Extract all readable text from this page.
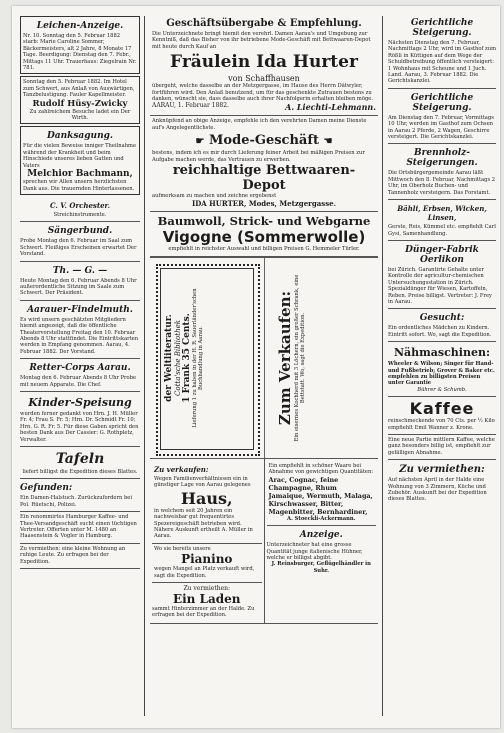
Leichen-Anzeige.

Nr. 10. Sonntag den 5. Februar 1882 starb: Marie Caroline Sommer, Bäckermeisters, alt 2 Jahre, 8 Monate 17 Tage. Beerdigung: Dienstag den 7. Febr., Mittags 11 Uhr. Trauerhaus: Ziegelrain Nr. 781.

Sonntag den 5. Februar 1882. Im Hotel zum Schwert, aus Anlaß von Auswärtigen, Tanzbelustigung. Fauler Kapellmeister.

Rudolf Hüsy-Zwicky

Zu zahlreichem Besuche ladet ein Der Wirth.

Danksagung.

Für die vielen Beweise inniger Theilnahme während der Krankheit und beim Hinschiede unseres lieben Gatten und Vaters

Melchior Bachmann,

sprechen wir Allen unsern herzlichsten Dank aus. Die trauernden Hinterlassenen.

C. V. Orchester.

Streichinstrumente.

Sängerbund.

Probe Montag den 6. Februar im Saal zum Schwert. Fleißiges Erscheinen erwartet Der Vorstand.

Th. — G. —

Heute Montag den 6. Februar Abends 8 Uhr außerordentliche Sitzung im Saale zum Schwert. Der Präsident.

Aarauer-Findelmuth.

Es wird unsern geschätzten Mitgliedern hiemit angezeigt, daß die öffentliche Theatervorstellung Freitag den 10. Februar Abends 8 Uhr stattfindet. Die Eintrittskarten werden in Empfang genommen. Aarau, 4. Februar 1882. Der Vorstand.

Retter-Corps Aarau.

Montag den 6. Februar Abends 8 Uhr Probe mit neuem Apparate. Die Chef.

Kinder-Speisung

wurden ferner gedankt von Hrn. J. H. Müller Fr. 4; Frau S. Fr. 5; Hrn. Dr. Schmidt Fr. 10; Hrn. G. R. Fr. 5. Für diese Gaben spricht den besten Dank aus Der Cassier: G. Rothpletz, Verwalter.

Tafeln

liefert billigst die Expedition dieses Blattes.

Gefunden:

Ein Damen-Halstuch. Zurückzufordern bei Pol. Rüetschi, Polizei.

Ein renommirtes Hamburger Kaffee- und Thee-Versandgeschäft sucht einen tüchtigen Vertreter. Offerten unter M. 1480 an Haasenstein & Vogler in Hamburg.

Zu vermiethen: eine kleine Wohnung an ruhige Leute. Zu erfragen bei der Expedition.

Geschäftsübergabe & Empfehlung.

Die Unterzeichnete bringt hiemit den verehrl. Damen Aarau's und Umgebung zur Kenntniß, daß das Bisher von ihr betriebene Mode-Geschäft mit Bettwaaren-Depot mit heute durch Kauf an

Fräulein Ida Hurter
von Schaffhausen

übergeht, welche dasselbe an der Metzgergasse, im Hause des Herrn Dätwyler, fortführen wird. Den Anlaß benutzend, um für das geschenkte Zutrauen bestens zu danken, wünscht sie, dass dasselbe auch ihrer Nachfolgerin erhalten bleiben möge.

AARAU, 1. Februar 1882.	A. Liechti-Lehmann.

Anknüpfend an obige Anzeige, empfehle ich den verehrten Damen meine Dienste auf's Angelegentlichste.

☛ Mode-Geschäft ☚

bestens, indem ich es mir durch Lieferung feiner Arbeit bei mäßigen Preisen zur Aufgabe machen werde, das Vertrauen zu erwerben.

reichhaltige Bettwaaren-Depot

aufmerksam zu machen und zeichne ergebenst

IDA HURTER, Modes, Metzgergasse.
Baumwoll, Strick- und Webgarne
Vigogne (Sommerwolle)

empfiehlt in reichster Auswahl und billigen Preisen G. Hemmeler Türler.

der Weltliteratur. Cotta'sche Bibliothek 1 Frank 35 Cents. Lieferung 1 zu haben in der H. R. Sauerländer'schen Buchhandlung in Aarau.	Zum Verkaufen: Ein eisernes Kochherd mit 3 Löchern, ein großer Schrank, eine Bettstatt. Wo, sagt die Expedition.

Zu verkaufen:

Wegen Familienverhältnissen ein in günstiger Lage von Aarau gelegenes

Haus,

in welchem seit 20 Jahren ein nachweisbar gut frequentirtes Spezereigeschäft betrieben wird. Nähere Auskunft ertheilt A. Müller in Aarau.

Wo sie bereits unsere

Pianino

wegen Mangel an Platz verkauft wird, sagt die Expedition.

Zu vermiethen:
Ein Laden

sammt Hinterzimmer an der Halde. Zu erfragen bei der Expedition.

Ein empfiehlt in schöner Waare bei Abnahme von gewichtigen Quantitäten:

Arac, Cognac, feine Champagne, Rhum Jamaique, Wermuth, Malaga, Kirschwasser, Bitter, Magenbitter, Bernhardiner,

A. Stoeckli-Ackermann.

Anzeige.

Unterzeichneter hat eine grosse Quantität junge italienische Hühner, welche er billigst abgibt.

J. Reinsburger, Geflügelhändler in Suhr.

Gerichtliche Steigerung.

Nächsten Dienstag den 7. Februar, Nachmittags 2 Uhr, wird im Gasthof zum Rößli in Küttigen auf dem Wege der Schuldbetreibung öffentlich versteigert: 1 Wohnhaus mit Scheune und 1 Juch. Land. Aarau, 3. Februar 1882. Die Gerichtskanzlei.

Gerichtliche Steigerung.

Am Dienstag den 7. Februar, Vormittags 10 Uhr, werden im Gasthof zum Ochsen in Aarau 2 Pferde, 2 Wagen, Geschirre versteigert. Die Gerichtskanzlei.

Brennholz-Steigerungen.

Die Ortsbürgergemeinde Aarau läßt Mittwoch den 8. Februar, Nachmittags 2 Uhr, im Oberholz Buchen- und Tannenholz versteigern. Das Forstamt.

Bähli, Erbsen, Wicken, Linsen,

Gerste, Reis, Kümmel etc. empfiehlt Carl Gysi, Samenhandlung.

Dünger-Fabrik Oerlikon

bei Zürich. Garantirte Gehalte unter Kontrolle der agricultur-chemischen Untersuchungsstation in Zürich. Spezialdünger für Wiesen, Kartoffeln, Reben. Preise billigst. Vertreter: J. Frey in Aarau.

Gesucht:

Ein ordentliches Mädchen zu Kindern. Eintritt sofort. Wo, sagt die Expedition.

Nähmaschinen:

Wheeler & Wilson; Singer für Hand- und Fußbetrieb; Grover & Baker etc. empfehlen zu billigsten Preisen unter Garantie

Bührer & Schumb.

Kaffee

reinschmeckende von 70 Cts. per ½ Kilo empfiehlt Emil Wanner z. Krone.

Eine neue Partie mittlern Kaffee, welche ganz besonders billig ist, empfiehlt zur gefälligen Abnahme.

Zu vermiethen:

Auf nächsten April in der Halde eine Wohnung von 3 Zimmern, Küche und Zubehör. Auskunft bei der Expedition dieses Blattes.
